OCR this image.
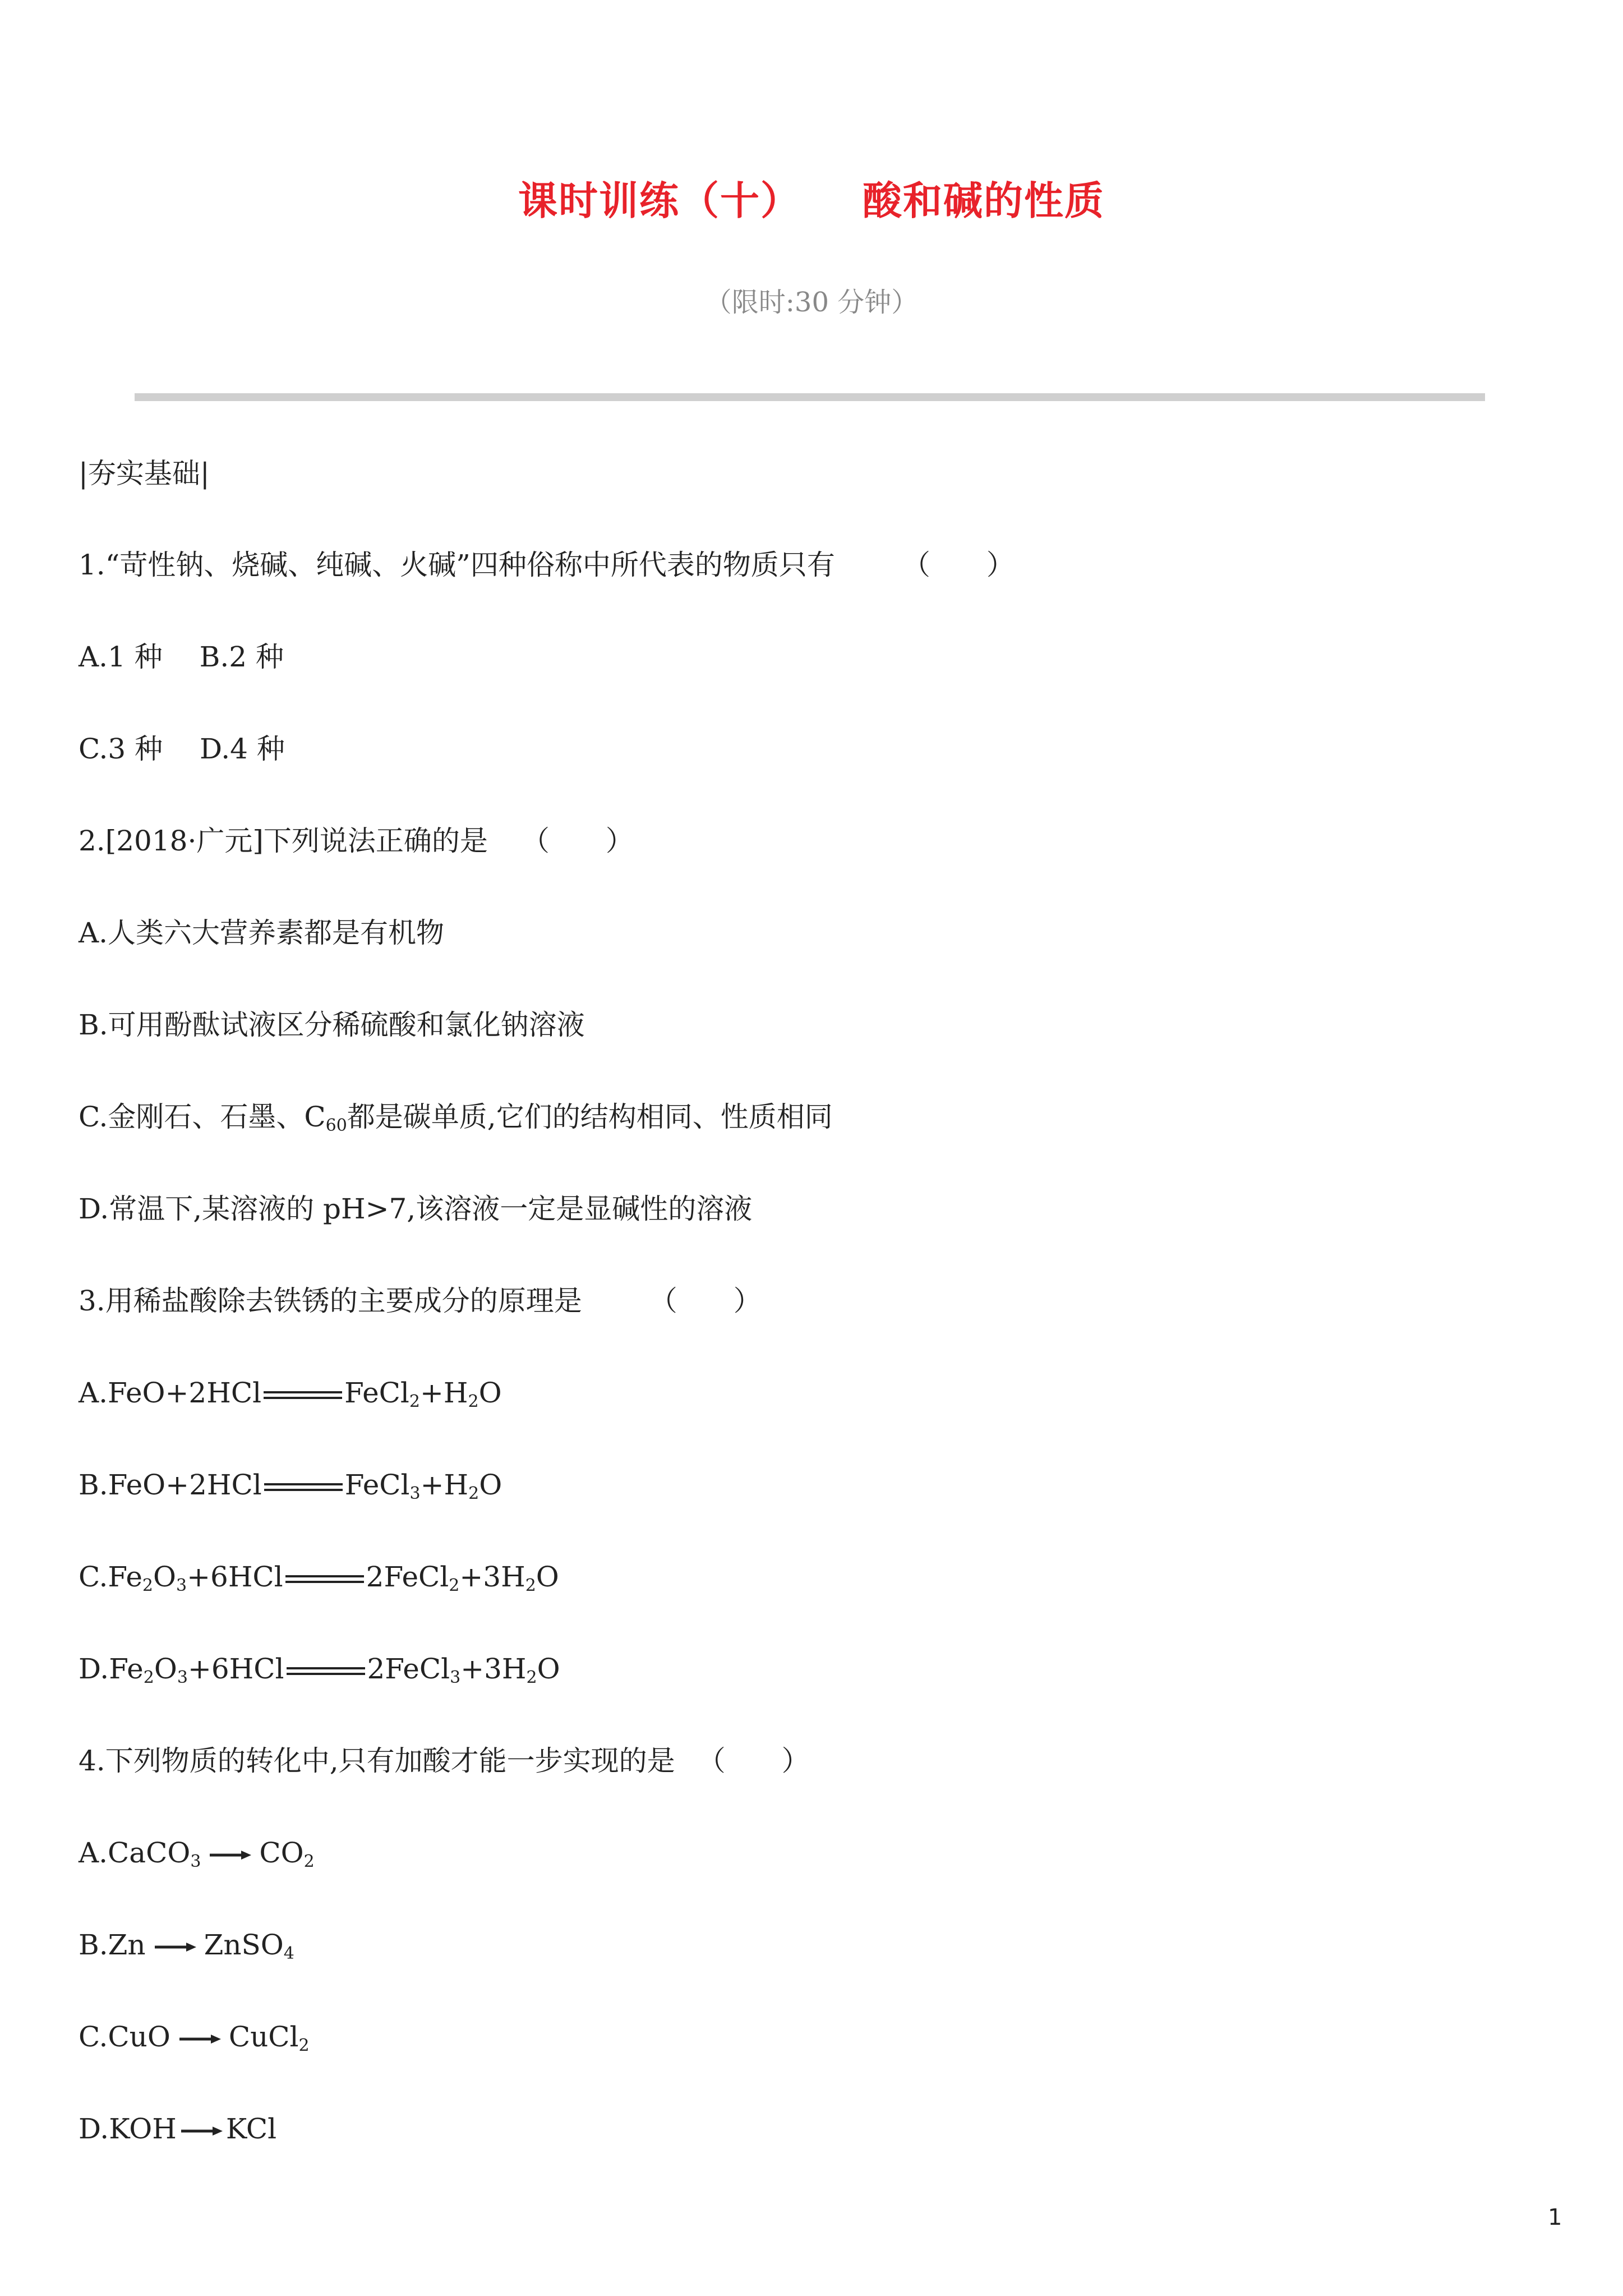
课时训练（十） 酸和碱的性质
（限时:30 分钟）
|夯实基础|
1.“苛性钠、烧碱、纯碱、火碱”四种俗称中所代表的物质只有 （　　）
A.1 种　 B.2 种
C.3 种　 D.4 种
2.[2018·广元]下列说法正确的是 （　　）
A.人类六大营养素都是有机物
B.可用酚酞试液区分稀硫酸和氯化钠溶液
C.金刚石、石墨、$C_{60}$都是碳单质,它们的结构相同、性质相同
D.常温下,某溶液的 pH>7,该溶液一定是显碱性的溶液
3.用稀盐酸除去铁锈的主要成分的原理是 （　　）
A.FeO+2HCl	$FeCl_2+H_2O$
B.FeO+2HCl	$FeCl_3+H_2O$
$C.Fe_2O_3+6HCl$	$2FeCl_2+3H_2O$
$D.Fe_2O_3+6HCl$	$2FeCl_3+3H_2O$
4.下列物质的转化中,只有加酸才能一步实现的是 （　　）
A.CaCO$_3$ $CO_2$
B.Zn ZnSO$_4$
C.CuO CuCl$_2$
D.KOH KCl
1
